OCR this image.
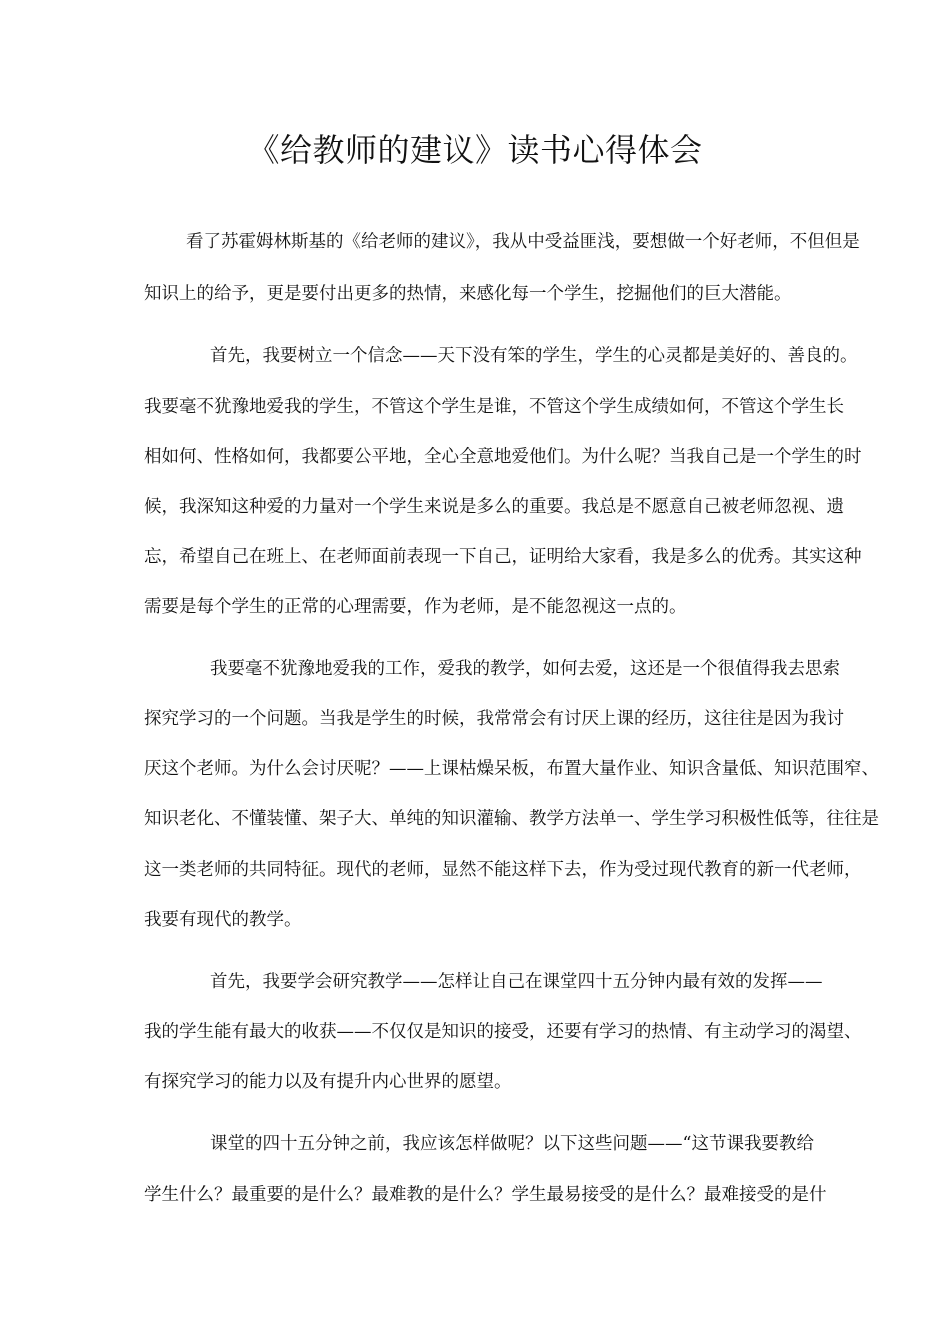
《给教师的建议》读书心得体会

看了苏霍姆林斯基的《给老师的建议》，我从中受益匪浅，要想做一个好老师，不但但是

知识上的给予，更是要付出更多的热情，来感化每一个学生，挖掘他们的巨大潜能。

首先，我要树立一个信念——天下没有笨的学生，学生的心灵都是美好的、善良的。

我要毫不犹豫地爱我的学生，不管这个学生是谁，不管这个学生成绩如何，不管这个学生长

相如何、性格如何，我都要公平地，全心全意地爱他们。为什么呢？当我自己是一个学生的时

候，我深知这种爱的力量对一个学生来说是多么的重要。我总是不愿意自己被老师忽视、遗

忘，希望自己在班上、在老师面前表现一下自己，证明给大家看，我是多么的优秀。其实这种

需要是每个学生的正常的心理需要，作为老师，是不能忽视这一点的。

我要毫不犹豫地爱我的工作，爱我的教学，如何去爱，这还是一个很值得我去思索

探究学习的一个问题。当我是学生的时候，我常常会有讨厌上课的经历，这往往是因为我讨

厌这个老师。为什么会讨厌呢？——上课枯燥呆板，布置大量作业、知识含量低、知识范围窄、

知识老化、不懂装懂、架子大、单纯的知识灌输、教学方法单一、学生学习积极性低等，往往是

这一类老师的共同特征。现代的老师，显然不能这样下去，作为受过现代教育的新一代老师，

我要有现代的教学。

首先，我要学会研究教学——怎样让自己在课堂四十五分钟内最有效的发挥——

我的学生能有最大的收获——不仅仅是知识的接受，还要有学习的热情、有主动学习的渴望、

有探究学习的能力以及有提升内心世界的愿望。

课堂的四十五分钟之前，我应该怎样做呢？以下这些问题——“这节课我要教给

学生什么？最重要的是什么？最难教的是什么？学生最易接受的是什么？最难接受的是什
